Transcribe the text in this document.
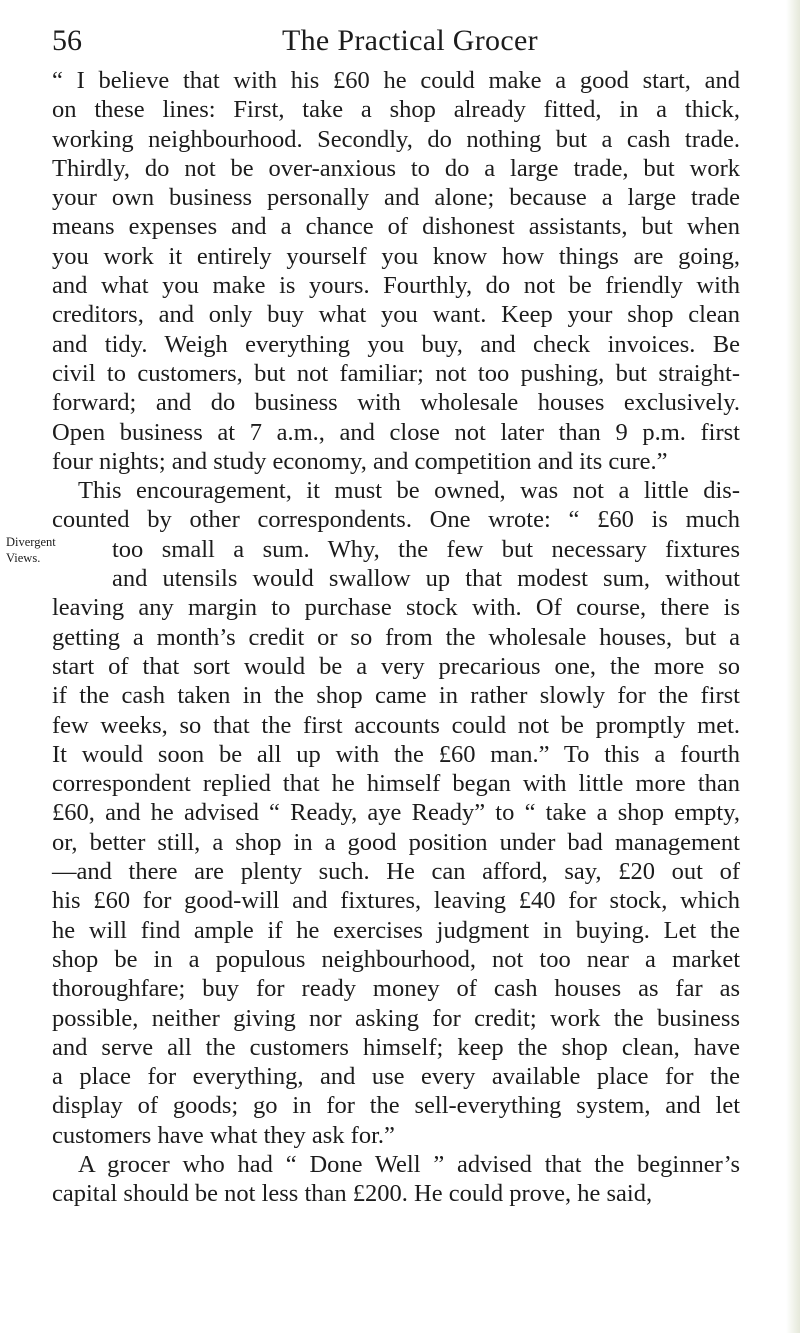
56	The Practical Grocer
Divergent
Views.
“ I believe that with his £60 he could make a good start, and
on these lines: First, take a shop already fitted, in a thick,
working neighbourhood. Secondly, do nothing but a cash trade.
Thirdly, do not be over-anxious to do a large trade, but work
your own business personally and alone; because a large trade
means expenses and a chance of dishonest assistants, but when
you work it entirely yourself you know how things are going,
and what you make is yours. Fourthly, do not be friendly with
creditors, and only buy what you want. Keep your shop clean
and tidy. Weigh everything you buy, and check invoices. Be
civil to customers, but not familiar; not too pushing, but straight-
forward; and do business with wholesale houses exclusively.
Open business at 7 a.m., and close not later than 9 p.m. first
four nights; and study economy, and competition and its cure.”
This encouragement, it must be owned, was not a little dis-
counted by other correspondents. One wrote: “ £60 is much
too small a sum. Why, the few but necessary fixtures
and utensils would swallow up that modest sum, without
leaving any margin to purchase stock with. Of course, there is
getting a month’s credit or so from the wholesale houses, but a
start of that sort would be a very precarious one, the more so
if the cash taken in the shop came in rather slowly for the first
few weeks, so that the first accounts could not be promptly met.
It would soon be all up with the £60 man.” To this a fourth
correspondent replied that he himself began with little more than
£60, and he advised “ Ready, aye Ready” to “ take a shop empty,
or, better still, a shop in a good position under bad management
—and there are plenty such. He can afford, say, £20 out of
his £60 for good-will and fixtures, leaving £40 for stock, which
he will find ample if he exercises judgment in buying. Let the
shop be in a populous neighbourhood, not too near a market
thoroughfare; buy for ready money of cash houses as far as
possible, neither giving nor asking for credit; work the business
and serve all the customers himself; keep the shop clean, have
a place for everything, and use every available place for the
display of goods; go in for the sell-everything system, and let
customers have what they ask for.”
A grocer who had “ Done Well ” advised that the beginner’s
capital should be not less than £200. He could prove, he said,
